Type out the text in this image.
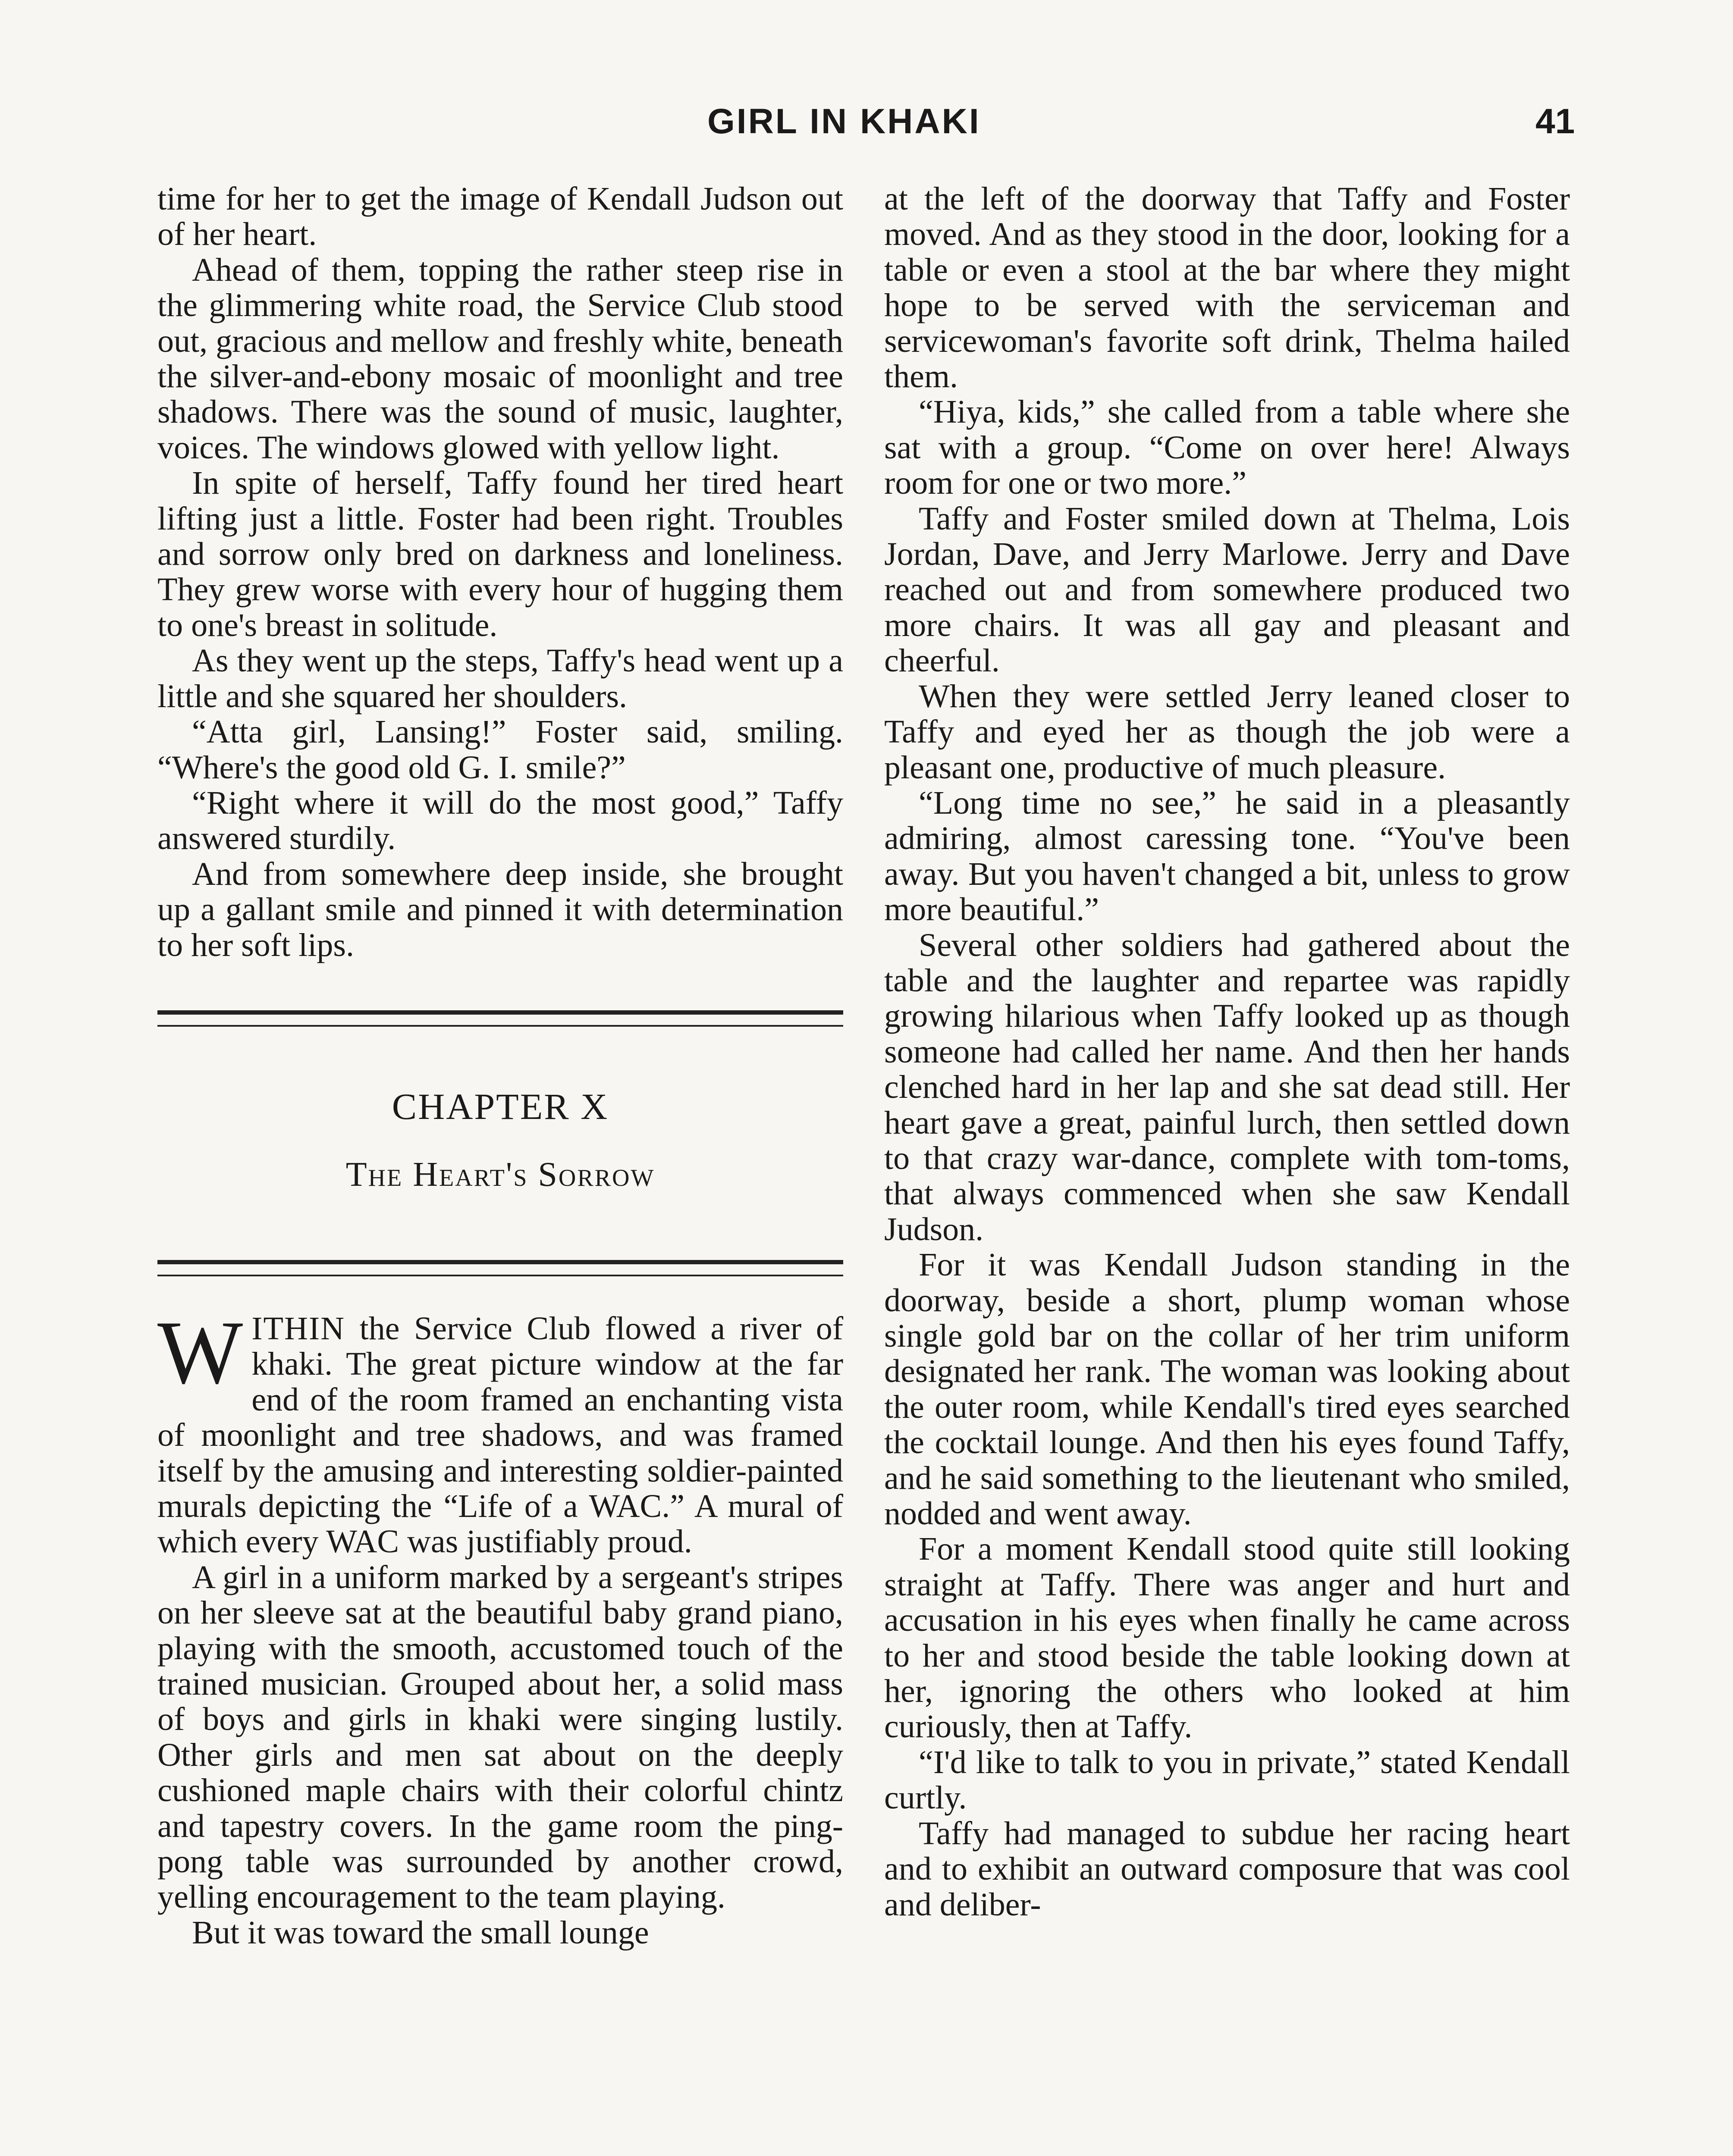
GIRL IN KHAKI	41

time for her to get the image of Kendall Judson out of her heart.

Ahead of them, topping the rather steep rise in the glimmering white road, the Service Club stood out, gracious and mellow and freshly white, beneath the silver-and-ebony mosaic of moonlight and tree shadows. There was the sound of music, laughter, voices. The windows glowed with yellow light.

In spite of herself, Taffy found her tired heart lifting just a little. Foster had been right. Troubles and sorrow only bred on darkness and loneliness. They grew worse with every hour of hugging them to one's breast in solitude.

As they went up the steps, Taffy's head went up a little and she squared her shoulders.

“Atta girl, Lansing!” Foster said, smiling. “Where's the good old G. I. smile?”

“Right where it will do the most good,” Taffy answered sturdily.

And from somewhere deep inside, she brought up a gallant smile and pinned it with determination to her soft lips.

CHAPTER X
The Heart's Sorrow

WITHIN the Service Club flowed a river of khaki. The great picture window at the far end of the room framed an enchanting vista of moonlight and tree shadows, and was framed itself by the amusing and interesting soldier-painted murals depicting the “Life of a WAC.” A mural of which every WAC was justifiably proud.

A girl in a uniform marked by a sergeant's stripes on her sleeve sat at the beautiful baby grand piano, playing with the smooth, accustomed touch of the trained musician. Grouped about her, a solid mass of boys and girls in khaki were singing lustily. Other girls and men sat about on the deeply cushioned maple chairs with their colorful chintz and tapestry covers. In the game room the ping-pong table was surrounded by another crowd, yelling encouragement to the team playing.

But it was toward the small lounge

at the left of the doorway that Taffy and Foster moved. And as they stood in the door, looking for a table or even a stool at the bar where they might hope to be served with the serviceman and servicewoman's favorite soft drink, Thelma hailed them.

“Hiya, kids,” she called from a table where she sat with a group. “Come on over here! Always room for one or two more.”

Taffy and Foster smiled down at Thelma, Lois Jordan, Dave, and Jerry Marlowe. Jerry and Dave reached out and from somewhere produced two more chairs. It was all gay and pleasant and cheerful.

When they were settled Jerry leaned closer to Taffy and eyed her as though the job were a pleasant one, productive of much pleasure.

“Long time no see,” he said in a pleasantly admiring, almost caressing tone. “You've been away. But you haven't changed a bit, unless to grow more beautiful.”

Several other soldiers had gathered about the table and the laughter and repartee was rapidly growing hilarious when Taffy looked up as though someone had called her name. And then her hands clenched hard in her lap and she sat dead still. Her heart gave a great, painful lurch, then settled down to that crazy war-dance, complete with tom-toms, that always commenced when she saw Kendall Judson.

For it was Kendall Judson standing in the doorway, beside a short, plump woman whose single gold bar on the collar of her trim uniform designated her rank. The woman was looking about the outer room, while Kendall's tired eyes searched the cocktail lounge. And then his eyes found Taffy, and he said something to the lieutenant who smiled, nodded and went away.

For a moment Kendall stood quite still looking straight at Taffy. There was anger and hurt and accusation in his eyes when finally he came across to her and stood beside the table looking down at her, ignoring the others who looked at him curiously, then at Taffy.

“I'd like to talk to you in private,” stated Kendall curtly.

Taffy had managed to subdue her racing heart and to exhibit an outward composure that was cool and deliber-
